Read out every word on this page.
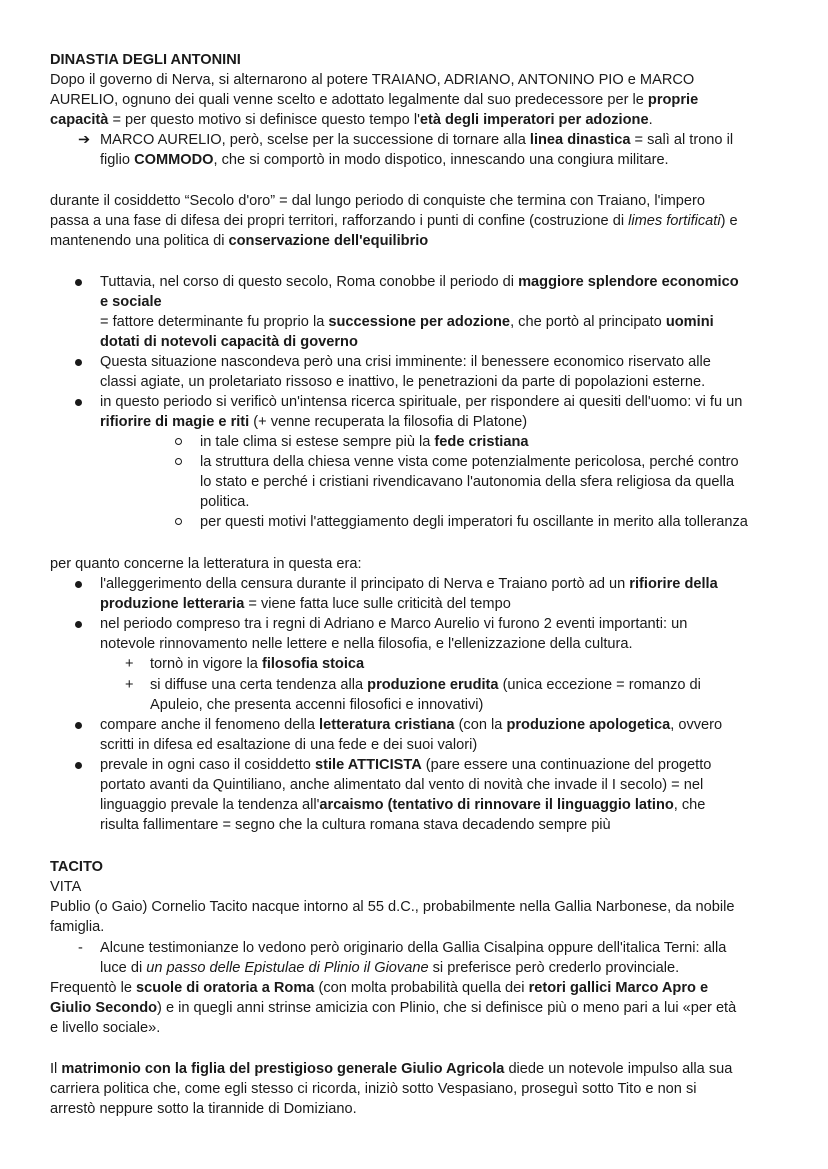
DINASTIA DEGLI ANTONINI
Dopo il governo di Nerva, si alternarono al potere TRAIANO, ADRIANO, ANTONINO PIO e MARCO
AURELIO, ognuno dei quali venne scelto e adottato legalmente dal suo predecessore per le proprie
capacità = per questo motivo si definisce questo tempo l'età degli imperatori per adozione.
➔ MARCO AURELIO, però, scelse per la successione di tornare alla linea dinastica = salì al trono il
figlio COMMODO, che si comportò in modo dispotico, innescando una congiura militare.
durante il cosiddetto “Secolo d'oro” = dal lungo periodo di conquiste che termina con Traiano, l'impero
passa a una fase di difesa dei propri territori, rafforzando i punti di confine (costruzione di limes fortificati) e
mantenendo una politica di conservazione dell'equilibrio
Tuttavia, nel corso di questo secolo, Roma conobbe il periodo di maggiore splendore economico
e sociale
= fattore determinante fu proprio la successione per adozione, che portò al principato uomini
dotati di notevoli capacità di governo
Questa situazione nascondeva però una crisi imminente: il benessere economico riservato alle
classi agiate, un proletariato rissoso e inattivo, le penetrazioni da parte di popolazioni esterne.
in questo periodo si verificò un'intensa ricerca spirituale, per rispondere ai quesiti dell'uomo: vi fu un
rifiorire di magie e riti (+ venne recuperata la filosofia di Platone)
in tale clima si estese sempre più la fede cristiana
la struttura della chiesa venne vista come potenzialmente pericolosa, perché contro
lo stato e perché i cristiani rivendicavano l'autonomia della sfera religiosa da quella
politica.
per questi motivi l'atteggiamento degli imperatori fu oscillante in merito alla tolleranza
per quanto concerne la letteratura in questa era:
l'alleggerimento della censura durante il principato di Nerva e Traiano portò ad un rifiorire della
produzione letteraria = viene fatta luce sulle criticità del tempo
nel periodo compreso tra i regni di Adriano e Marco Aurelio vi furono 2 eventi importanti: un
notevole rinnovamento nelle lettere e nella filosofia, e l'ellenizzazione della cultura.
+ tornò in vigore la filosofia stoica
+ si diffuse una certa tendenza alla produzione erudita (unica eccezione = romanzo di
Apuleio, che presenta accenni filosofici e innovativi)
compare anche il fenomeno della letteratura cristiana (con la produzione apologetica, ovvero
scritti in difesa ed esaltazione di una fede e dei suoi valori)
prevale in ogni caso il cosiddetto stile ATTICISTA (pare essere una continuazione del progetto
portato avanti da Quintiliano, anche alimentato dal vento di novità che invade il I secolo) = nel
linguaggio prevale la tendenza all'arcaismo (tentativo di rinnovare il linguaggio latino, che
risulta fallimentare = segno che la cultura romana stava decadendo sempre più
TACITO
VITA
Publio (o Gaio) Cornelio Tacito nacque intorno al 55 d.C., probabilmente nella Gallia Narbonese, da nobile
famiglia.
- Alcune testimonianze lo vedono però originario della Gallia Cisalpina oppure dell'italica Terni: alla
luce di un passo delle Epistulae di Plinio il Giovane si preferisce però crederlo provinciale.
Frequentò le scuole di oratoria a Roma (con molta probabilità quella dei retori gallici Marco Apro e
Giulio Secondo) e in quegli anni strinse amicizia con Plinio, che si definisce più o meno pari a lui «per età
e livello sociale».
Il matrimonio con la figlia del prestigioso generale Giulio Agricola diede un notevole impulso alla sua
carriera politica che, come egli stesso ci ricorda, iniziò sotto Vespasiano, proseguì sotto Tito e non si
arrestò neppure sotto la tirannide di Domiziano.
